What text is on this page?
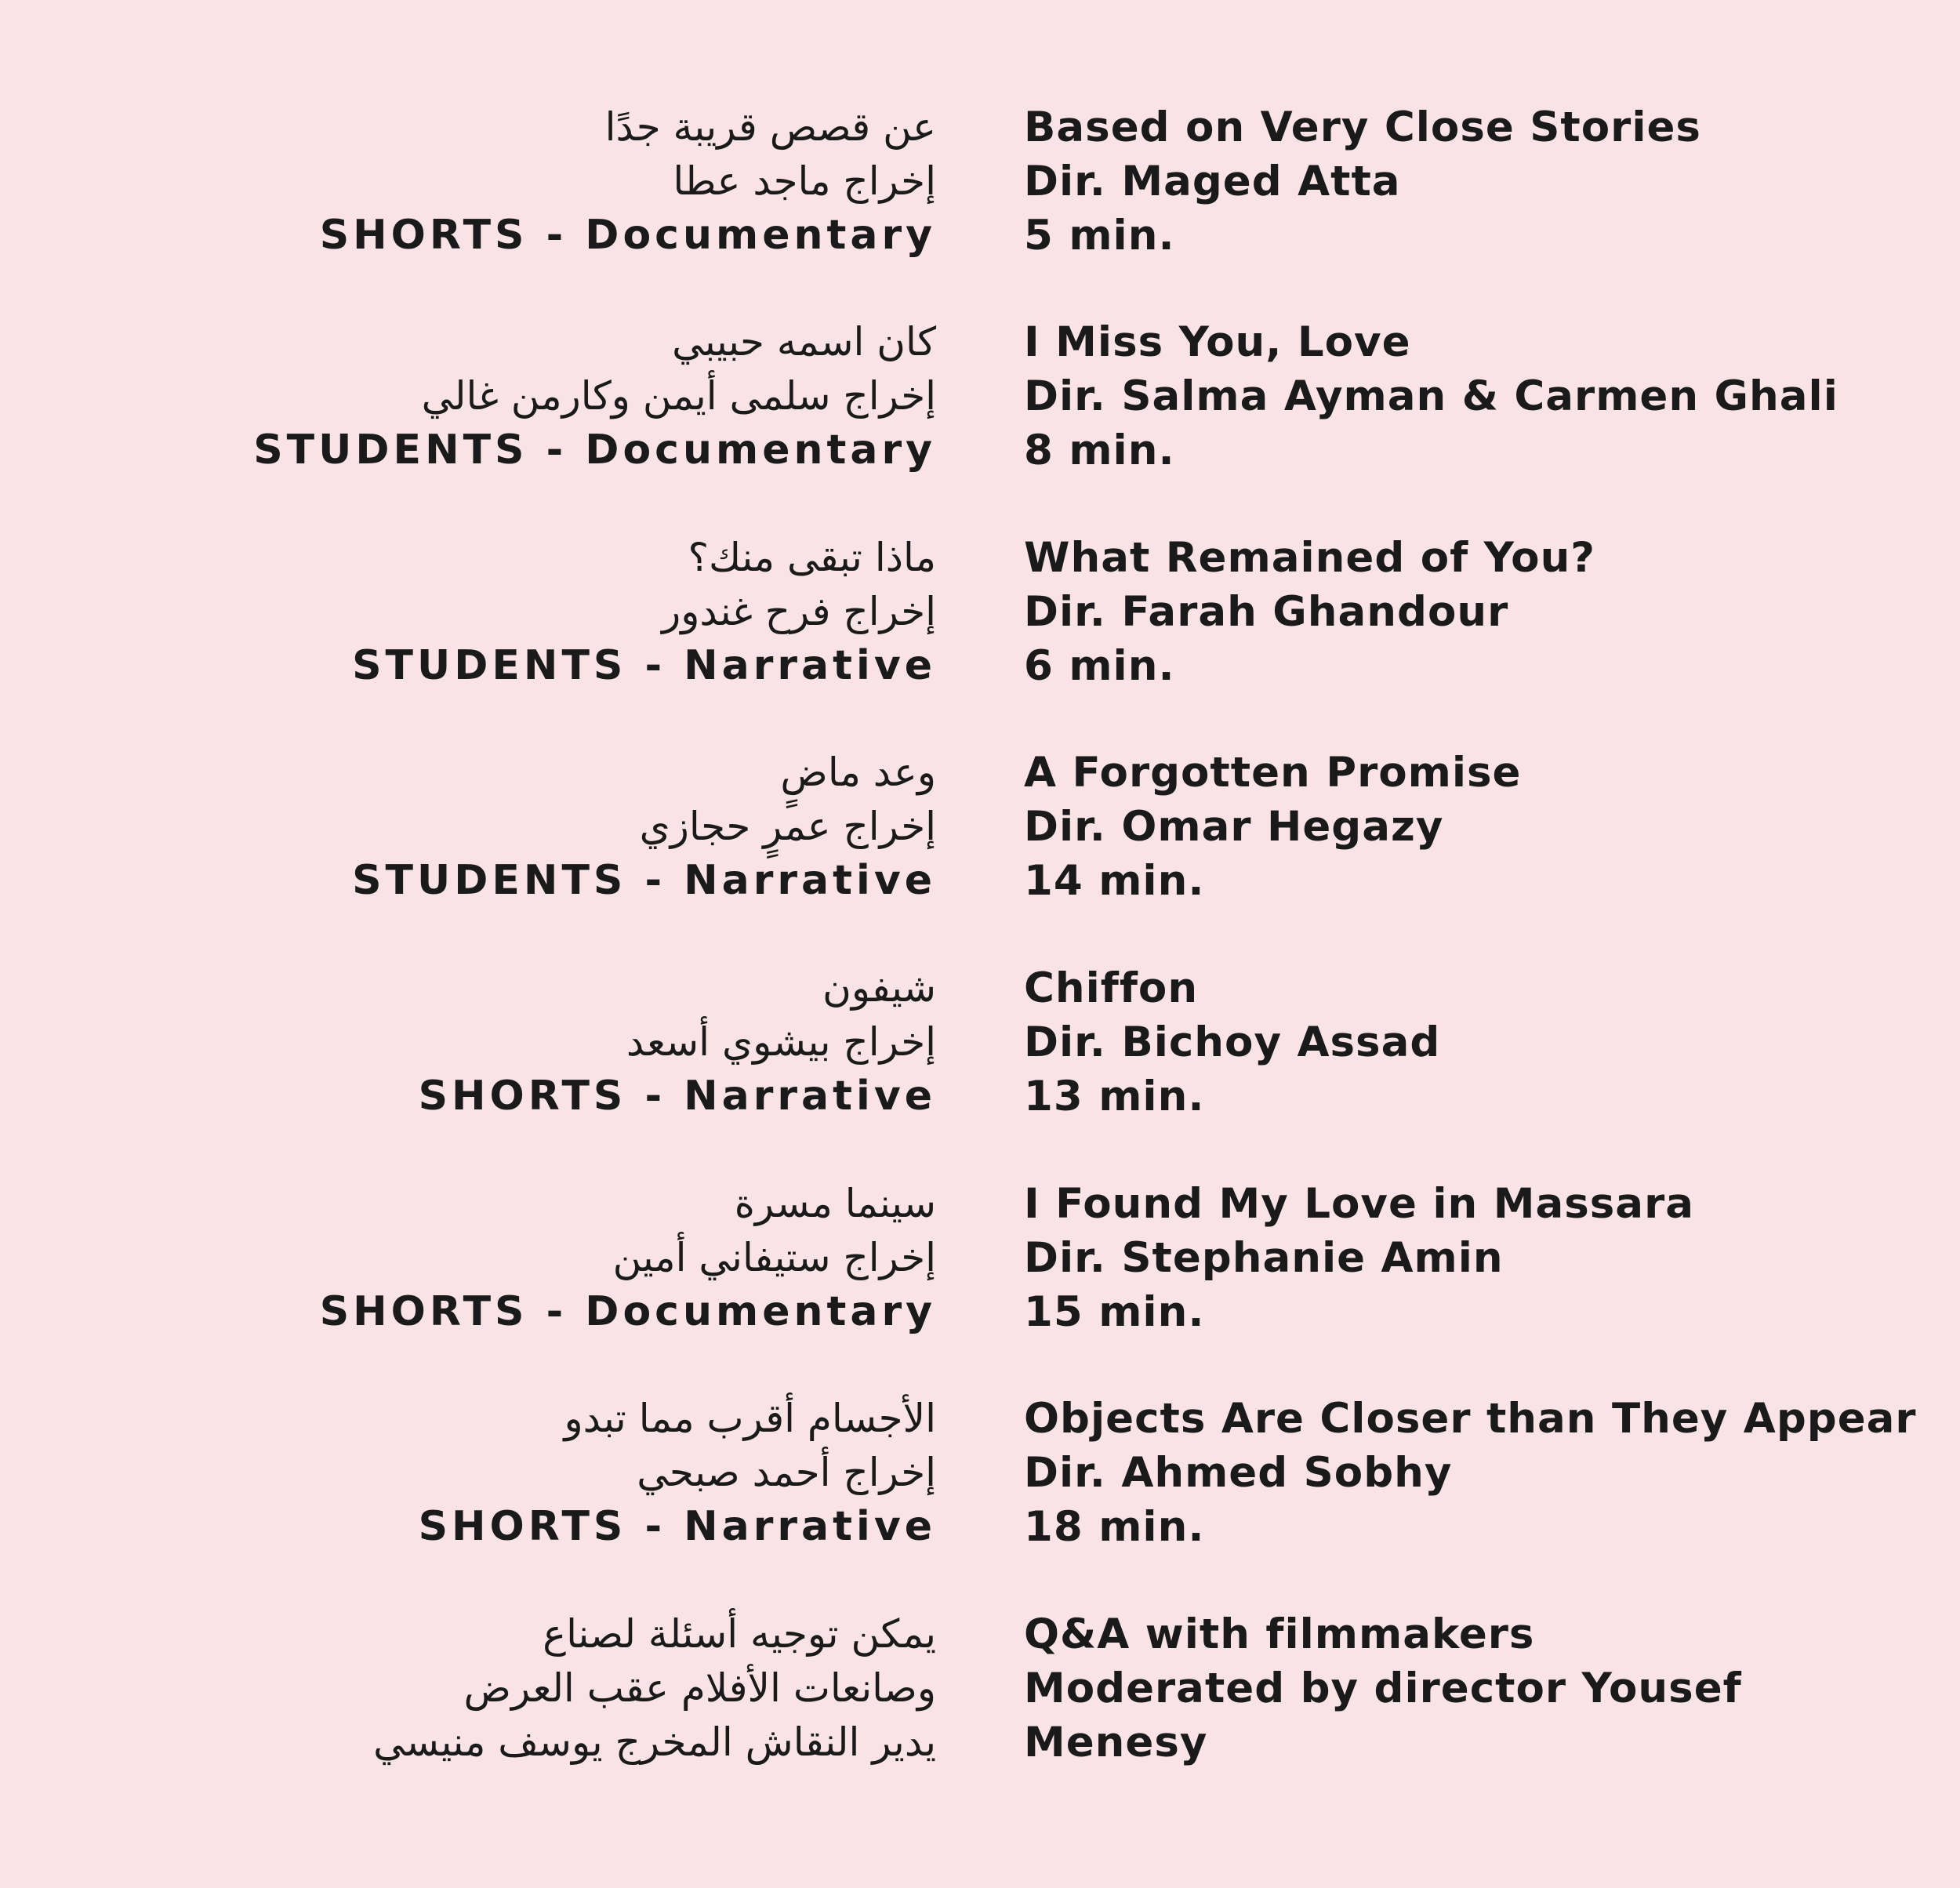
عن قصص قريبة جدًا
إخراج ماجد عطا
SHORTS - Documentary
Based on Very Close Stories
Dir. Maged Atta
5 min.
كان اسمه حبيبي
إخراج سلمى أيمن وكارمن غالي
STUDENTS - Documentary
I Miss You, Love
Dir. Salma Ayman & Carmen Ghali
8 min.
ماذا تبقى منك؟
إخراج فرح غندور
STUDENTS - Narrative
What Remained of You?
Dir. Farah Ghandour
6 min.
وعد ماضٍ
إخراج عمرٍ حجازي
STUDENTS - Narrative
A Forgotten Promise
Dir. Omar Hegazy
14 min.
شيفون
إخراج بيشوي أسعد
SHORTS - Narrative
Chiffon
Dir. Bichoy Assad
13 min.
سينما مسرة
إخراج ستيفاني أمين
SHORTS - Documentary
I Found My Love in Massara
Dir. Stephanie Amin
15 min.
الأجسام أقرب مما تبدو
إخراج أحمد صبحي
SHORTS - Narrative
Objects Are Closer than They Appear
Dir. Ahmed Sobhy
18 min.
يمكن توجيه أسئلة لصناع
وصانعات الأفلام عقب العرض
يدير النقاش المخرج يوسف منيسي
Q&A with filmmakers
Moderated by director Yousef
Menesy
